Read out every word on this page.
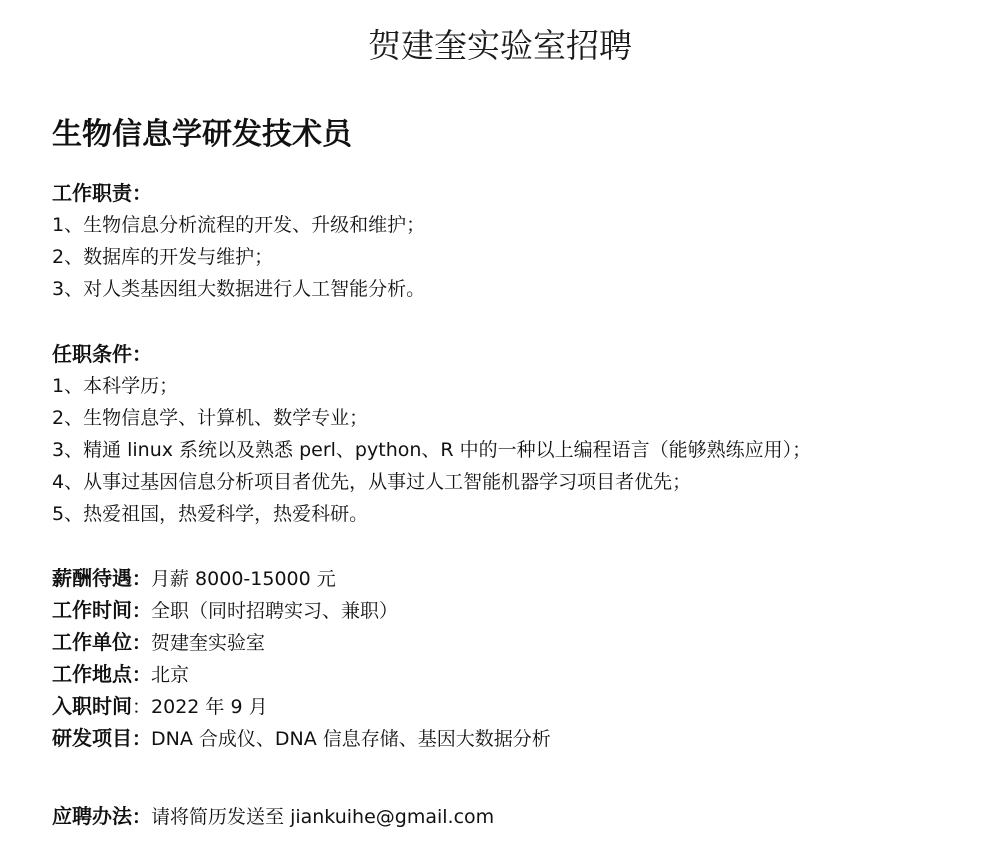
贺建奎实验室招聘
生物信息学研发技术员
工作职责：
1、生物信息分析流程的开发、升级和维护；
2、数据库的开发与维护；
3、对人类基因组大数据进行人工智能分析。
任职条件：
1、本科学历；
2、生物信息学、计算机、数学专业；
3、精通 linux 系统以及熟悉 perl、python、R 中的一种以上编程语言（能够熟练应用）；
4、从事过基因信息分析项目者优先，从事过人工智能机器学习项目者优先；
5、热爱祖国，热爱科学，热爱科研。
薪酬待遇：月薪 8000-15000 元
工作时间：全职（同时招聘实习、兼职）
工作单位：贺建奎实验室
工作地点：北京
入职时间：2022 年 9 月
研发项目：DNA 合成仪、DNA 信息存储、基因大数据分析
应聘办法：请将简历发送至 jiankuihe@gmail.com
